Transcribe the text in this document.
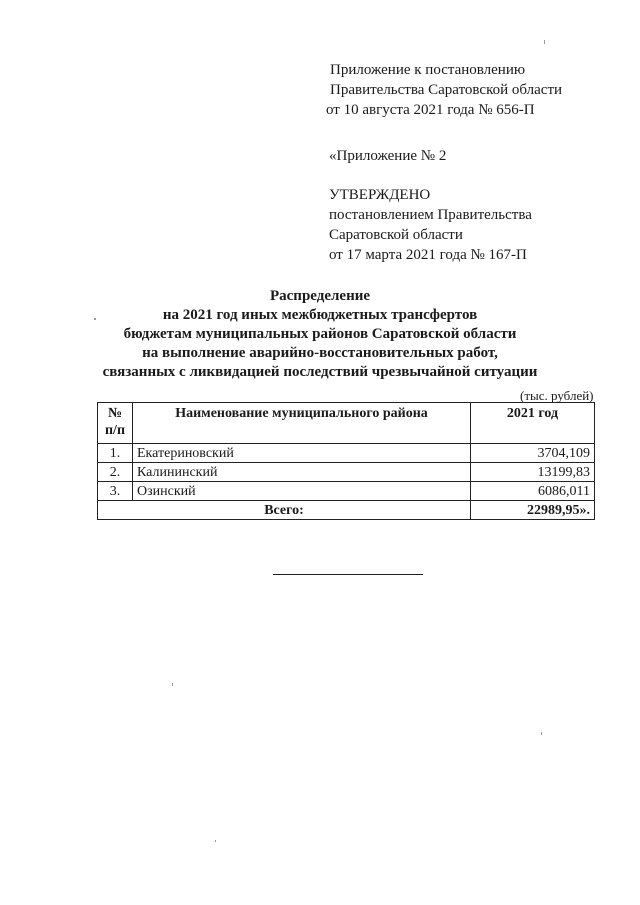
Приложение к постановлению
Правительства Саратовской области
от 10 августа 2021 года № 656-П
«Приложение № 2
УТВЕРЖДЕНО
постановлением Правительства
Саратовской области
от 17 марта 2021 года № 167-П
Распределение
на 2021 год иных межбюджетных трансфертов
бюджетам муниципальных районов Саратовской области
на выполнение аварийно-восстановительных работ,
связанных с ликвидацией последствий чрезвычайной ситуации
(тыс. рублей)
№
п/п	Наименование муниципального района	2021 год
1.	Екатериновский	3704,109
2.	Калининский	13199,83
3.	Озинский	6086,011
Всего:		22989,95».
